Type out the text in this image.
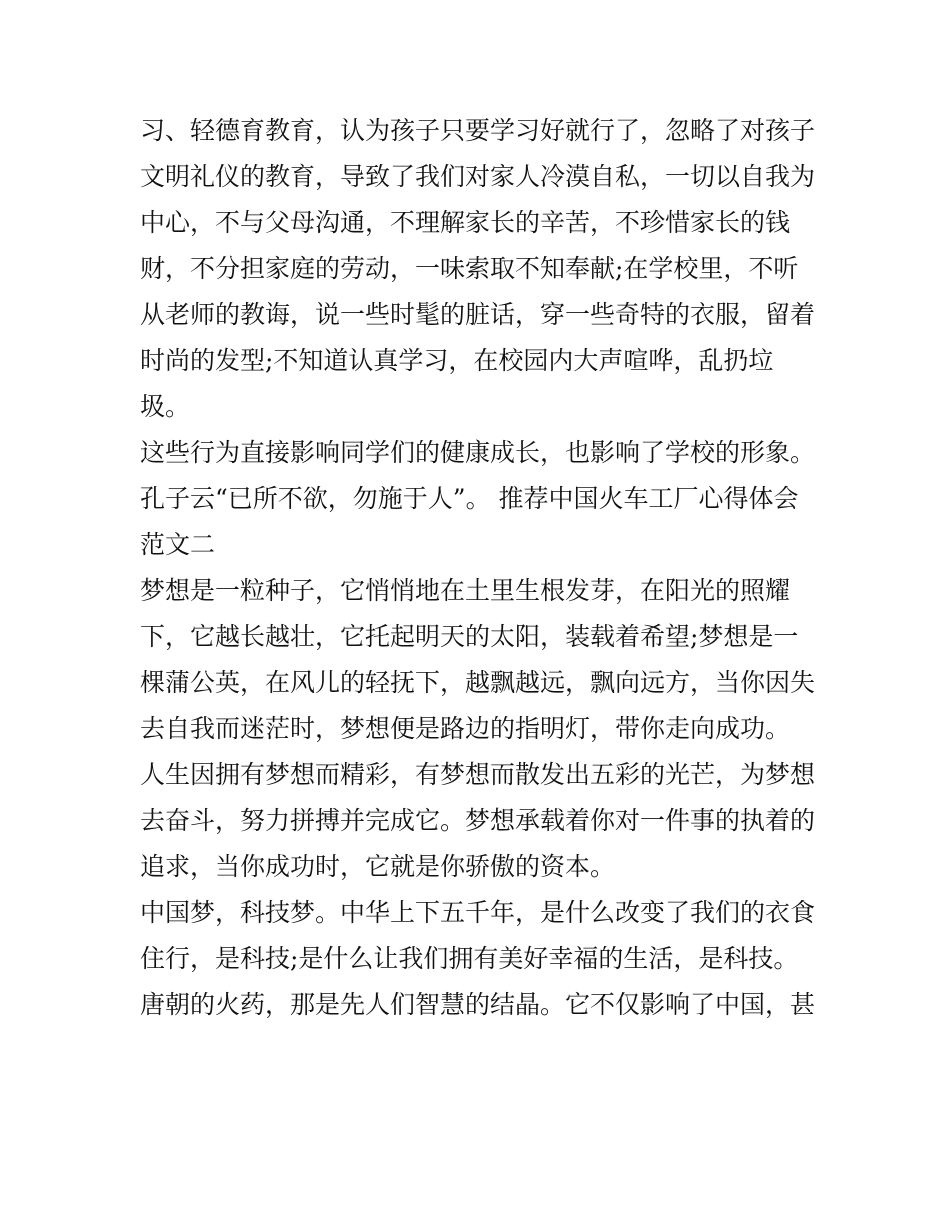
习、轻德育教育，认为孩子只要学习好就行了，忽略了对孩子
文明礼仪的教育，导致了我们对家人冷漠自私，一切以自我为
中心，不与父母沟通，不理解家长的辛苦，不珍惜家长的钱
财，不分担家庭的劳动，一味索取不知奉献;在学校里，不听
从老师的教诲，说一些时髦的脏话，穿一些奇特的衣服，留着
时尚的发型;不知道认真学习，在校园内大声喧哗，乱扔垃
圾。
这些行为直接影响同学们的健康成长，也影响了学校的形象。
孔子云“已所不欲，勿施于人”。 推荐中国火车工厂心得体会
范文二
梦想是一粒种子，它悄悄地在土里生根发芽，在阳光的照耀
下，它越长越壮，它托起明天的太阳，装载着希望;梦想是一
棵蒲公英，在风儿的轻抚下，越飘越远，飘向远方，当你因失
去自我而迷茫时，梦想便是路边的指明灯，带你走向成功。
人生因拥有梦想而精彩，有梦想而散发出五彩的光芒，为梦想
去奋斗，努力拼搏并完成它。梦想承载着你对一件事的执着的
追求，当你成功时，它就是你骄傲的资本。
中国梦，科技梦。中华上下五千年，是什么改变了我们的衣食
住行，是科技;是什么让我们拥有美好幸福的生活，是科技。
唐朝的火药，那是先人们智慧的结晶。它不仅影响了中国，甚
